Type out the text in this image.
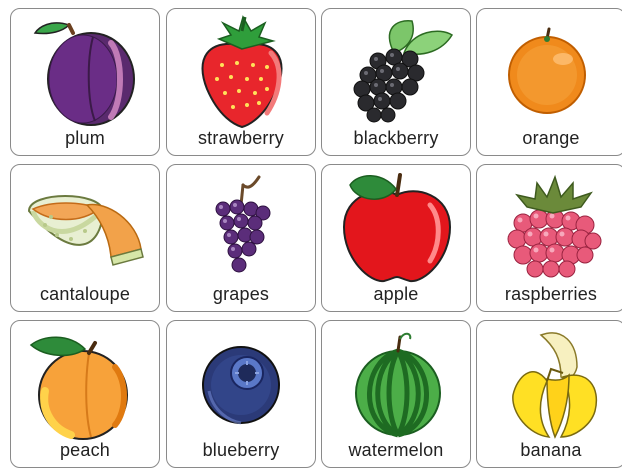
plum	strawberry	blackberry	orange
cantaloupe	grapes	apple	raspberries
peach	blueberry	watermelon	banana
